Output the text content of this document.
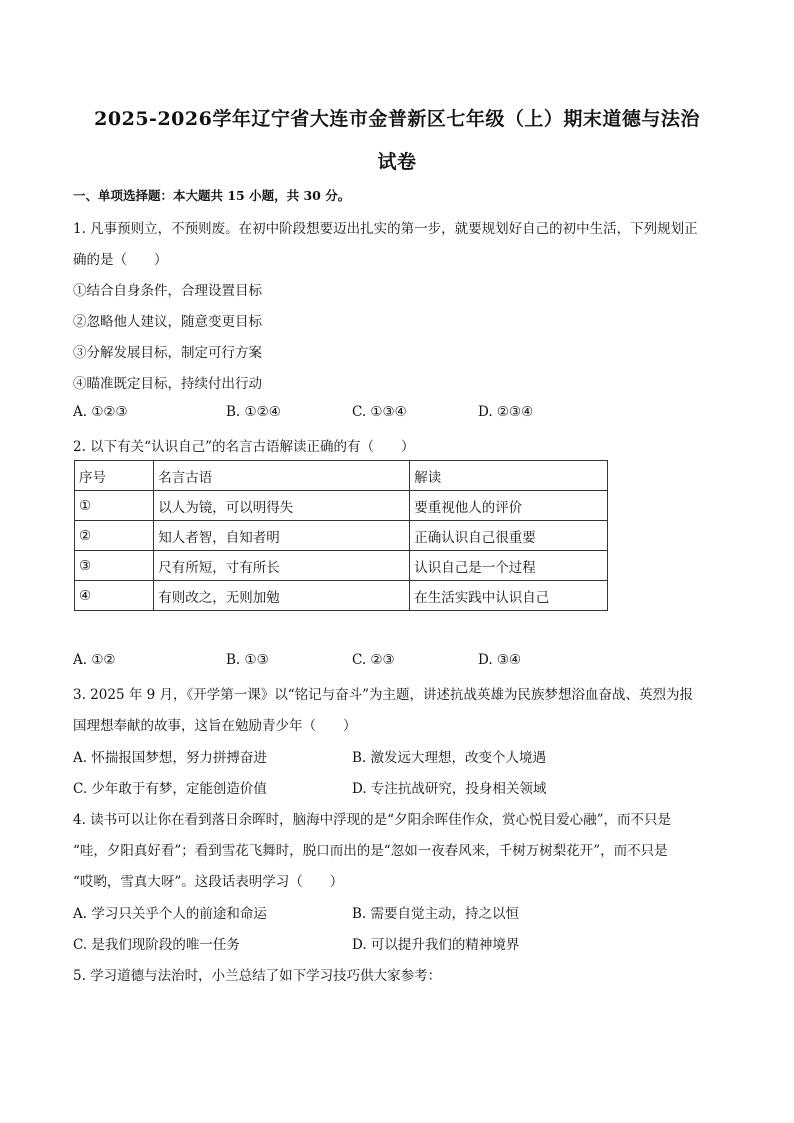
2025-2026学年辽宁省大连市金普新区七年级（上）期末道德与法治
试卷
一、单项选择题：本大题共 15 小题，共 30 分。
1. 凡事预则立，不预则废。在初中阶段想要迈出扎实的第一步，就要规划好自己的初中生活，下列规划正
确的是（　　）
①结合自身条件，合理设置目标
②忽略他人建议，随意变更目标
③分解发展目标，制定可行方案
④瞄准既定目标，持续付出行动
A. ①②③	B. ①②④	C. ①③④	D. ②③④
2. 以下有关“认识自己”的名言古语解读正确的有（　　）
序号	名言古语	解读
①	以人为镜，可以明得失	要重视他人的评价
②	知人者智，自知者明	正确认识自己很重要
③	尺有所短，寸有所长	认识自己是一个过程
④	有则改之，无则加勉	在生活实践中认识自己
A. ①②	B. ①③	C. ②③	D. ③④
3. 2025 年 9 月，《开学第一课》以“铭记与奋斗”为主题，讲述抗战英雄为民族梦想浴血奋战、英烈为报
国理想奉献的故事，这旨在勉励青少年（　　）
A. 怀揣报国梦想，努力拼搏奋进	B. 激发远大理想，改变个人境遇
C. 少年敢于有梦，定能创造价值	D. 专注抗战研究，投身相关领域
4. 读书可以让你在看到落日余晖时，脑海中浮现的是“夕阳余晖佳作众，赏心悦目爱心融”，而不只是
“哇，夕阳真好看”；看到雪花飞舞时，脱口而出的是“忽如一夜春风来，千树万树梨花开”，而不只是
“哎哟，雪真大呀”。这段话表明学习（　　）
A. 学习只关乎个人的前途和命运	B. 需要自觉主动，持之以恒
C. 是我们现阶段的唯一任务	D. 可以提升我们的精神境界
5. 学习道德与法治时，小兰总结了如下学习技巧供大家参考：
